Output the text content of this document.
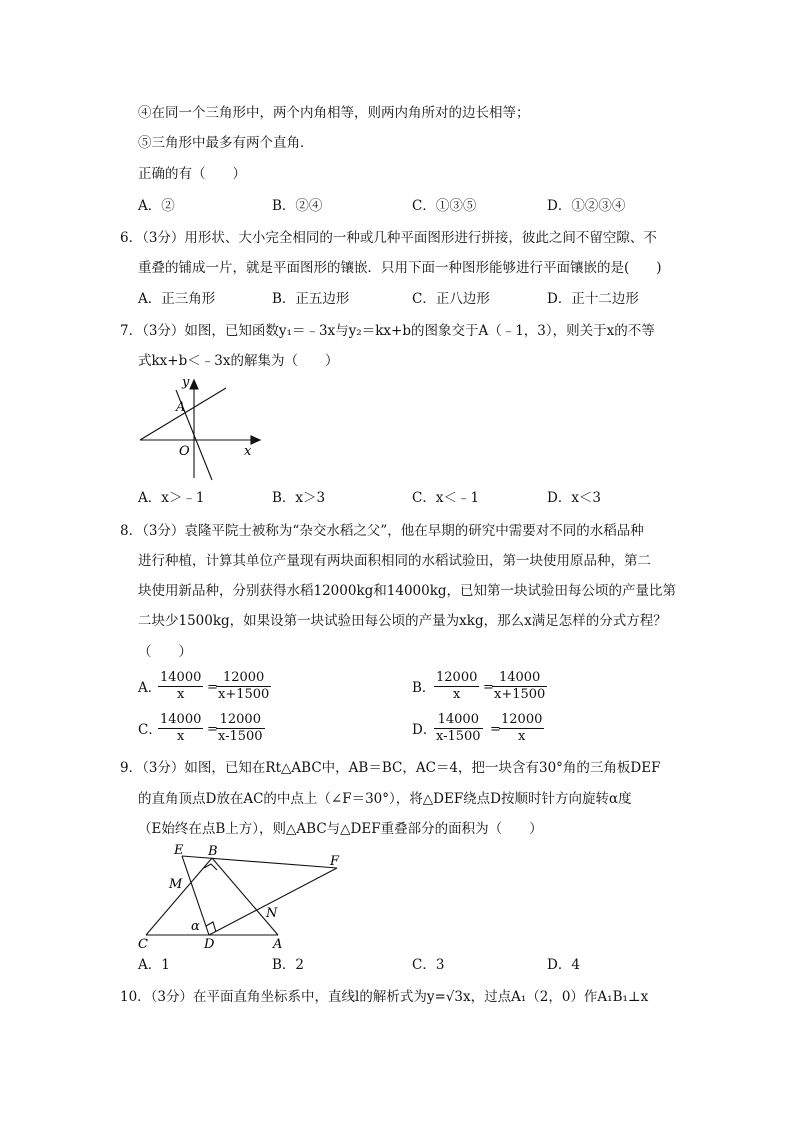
④在同一个三角形中，两个内角相等，则两内角所对的边长相等；
⑤三角形中最多有两个直角．
正确的有（　　）
A．②	B．②④	C．①③⑤	D．①②③④
6．（3分）用形状、大小完全相同的一种或几种平面图形进行拼接，彼此之间不留空隙、不
重叠的铺成一片，就是平面图形的镶嵌．只用下面一种图形能够进行平面镶嵌的是(　　)
A．正三角形	B．正五边形	C．正八边形	D．正十二边形
7．（3分）如图，已知函数y₁＝﹣3x与y₂＝kx+b的图象交于A（﹣1，3），则关于x的不等
式kx+b＜﹣3x的解集为（　　）
y
A
O	x
A．x＞﹣1	B．x＞3	C．x＜﹣1	D．x＜3
8．（3分）袁隆平院士被称为“杂交水稻之父”，他在早期的研究中需要对不同的水稻品种
进行种植，计算其单位产量现有两块面积相同的水稻试验田，第一块使用原品种，第二
块使用新品种，分别获得水稻12000kg和14000kg，已知第一块试验田每公顷的产量比第
二块少1500kg，如果设第一块试验田每公顷的产量为xkg，那么x满足怎样的分式方程？
（　　）
A．
$\frac{14000}{x}$ =
$\frac{12000}{x+1500}$	B．
$\frac{12000}{x}$ =
$\frac{14000}{x+1500}$
C．
$\frac{14000}{x}$ =
$\frac{12000}{x-1500}$	D．
$\frac{14000}{x-1500}$ =
$\frac{12000}{x}$
9．（3分）如图，已知在Rt△ABC中，AB＝BC，AC＝4，把一块含有30°角的三角板DEF
的直角顶点D放在AC的中点上（∠F＝30°），将△DEF绕点D按顺时针方向旋转α度
（E始终在点B上方），则△ABC与△DEF重叠部分的面积为（　　）
E B
F
M
N
α
C	D	A
A．1	B．2	C．3	D．4
10．（3分）在平面直角坐标系中，直线l的解析式为y=√3x，过点A₁（2，0）作A₁B₁⊥x
